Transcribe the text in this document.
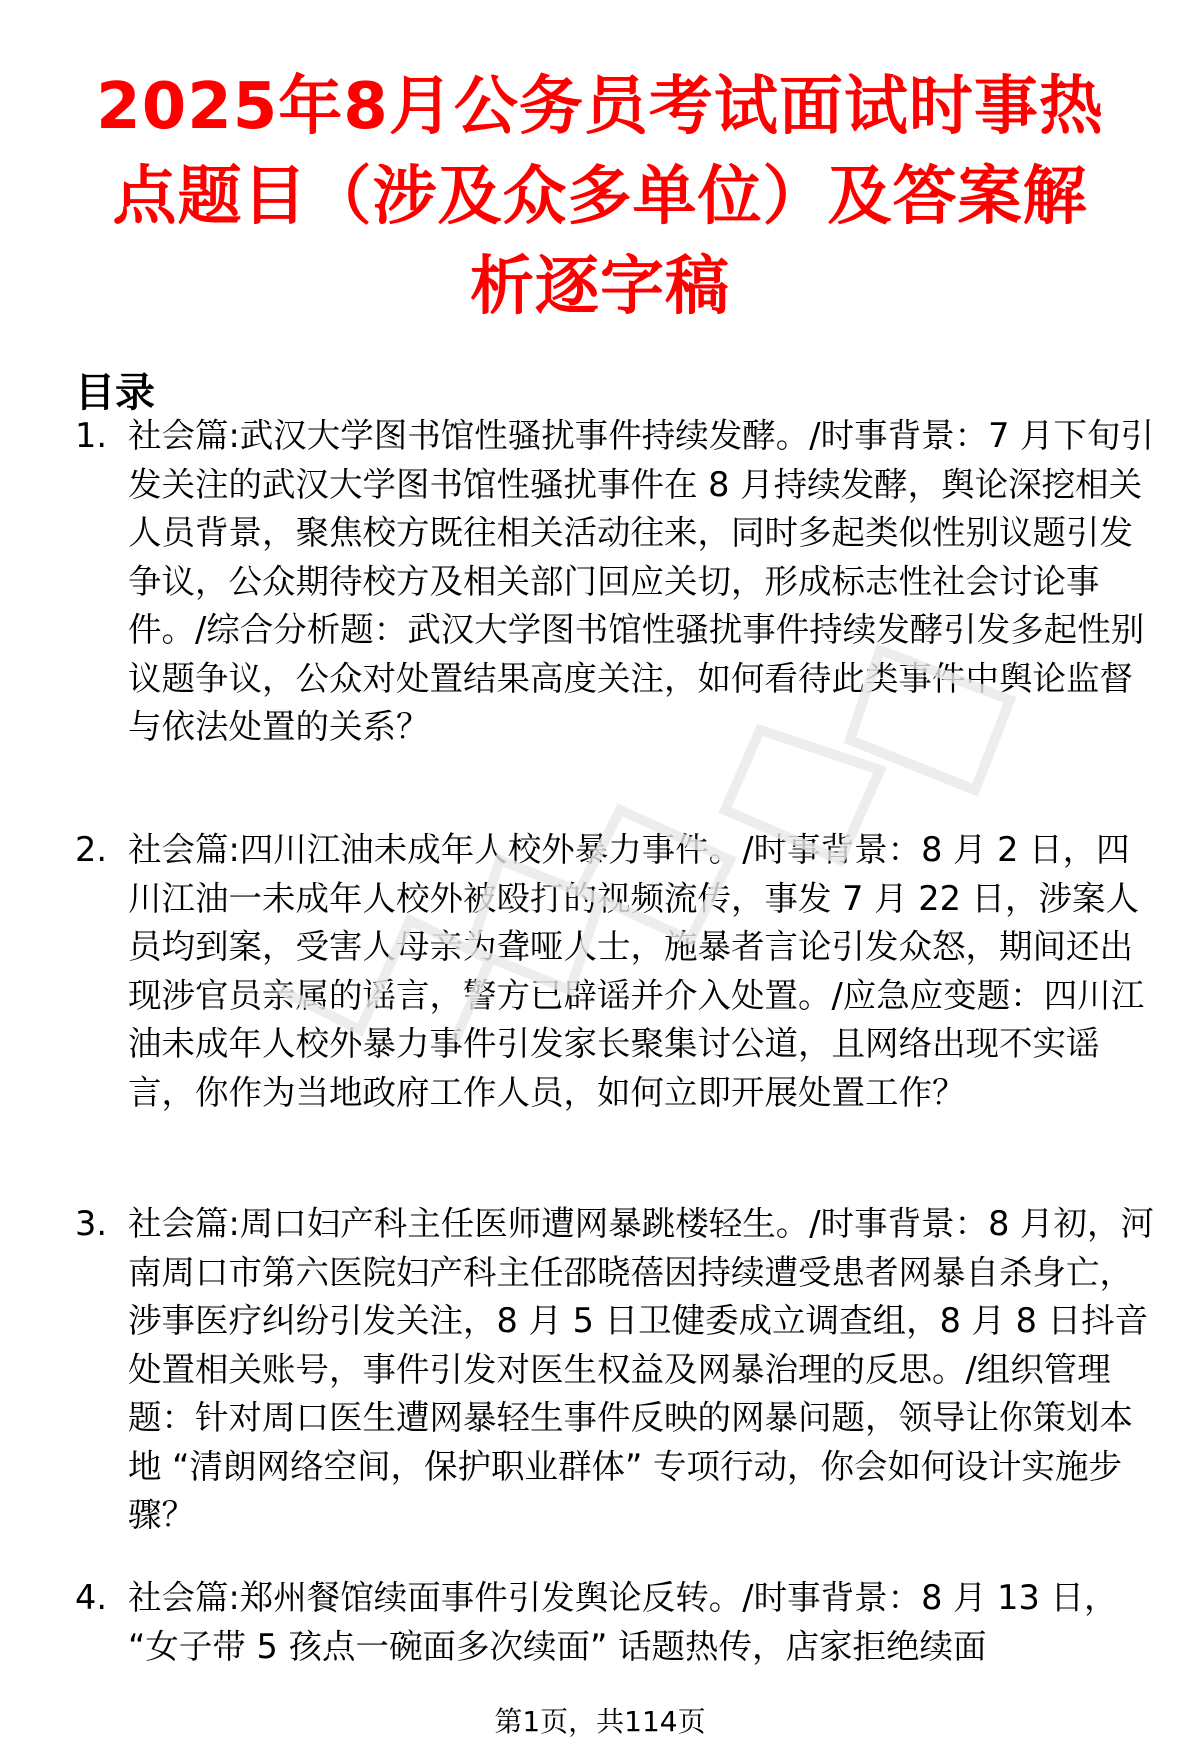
2025年8月公务员考试面试时事热
点题目（涉及众多单位）及答案解
析逐字稿
目录
1. 社会篇:武汉大学图书馆性骚扰事件持续发酵。/时事背景：7 月下旬引发关注的武汉大学图书馆性骚扰事件在 8 月持续发酵，舆论深挖相关人员背景，聚焦校方既往相关活动往来，同时多起类似性别议题引发争议，公众期待校方及相关部门回应关切，形成标志性社会讨论事件。/综合分析题：武汉大学图书馆性骚扰事件持续发酵引发多起性别议题争议，公众对处置结果高度关注，如何看待此类事件中舆论监督与依法处置的关系？
2. 社会篇:四川江油未成年人校外暴力事件。/时事背景：8 月 2 日，四川江油一未成年人校外被殴打的视频流传，事发 7 月 22 日，涉案人员均到案，受害人母亲为聋哑人士，施暴者言论引发众怒，期间还出现涉官员亲属的谣言，警方已辟谣并介入处置。/应急应变题：四川江油未成年人校外暴力事件引发家长聚集讨公道，且网络出现不实谣言，你作为当地政府工作人员，如何立即开展处置工作？
3. 社会篇:周口妇产科主任医师遭网暴跳楼轻生。/时事背景：8 月初，河南周口市第六医院妇产科主任邵晓蓓因持续遭受患者网暴自杀身亡，涉事医疗纠纷引发关注，8 月 5 日卫健委成立调查组，8 月 8 日抖音处置相关账号，事件引发对医生权益及网暴治理的反思。/组织管理题：针对周口医生遭网暴轻生事件反映的网暴问题，领导让你策划本地 “清朗网络空间，保护职业群体” 专项行动，你会如何设计实施步骤？
4. 社会篇:郑州餐馆续面事件引发舆论反转。/时事背景：8 月 13 日， “女子带 5 孩点一碗面多次续面” 话题热传，店家拒绝续面
第1页，共114页
